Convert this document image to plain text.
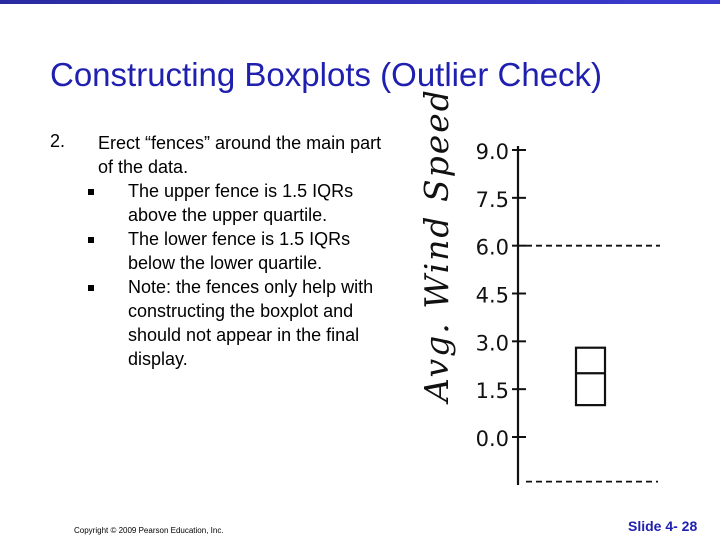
Constructing Boxplots (Outlier Check)
2. Erect “fences” around the main part of the data.
The upper fence is 1.5 IQRs above the upper quartile.
The lower fence is 1.5 IQRs below the lower quartile.
Note: the fences only help with constructing the boxplot and should not appear in the final display.	Avg. Wind Speed 9.0
7.5
6.0
4.5
3.0
1.5
0.0
Copyright © 2009 Pearson Education, Inc.	Slide 4- 28
